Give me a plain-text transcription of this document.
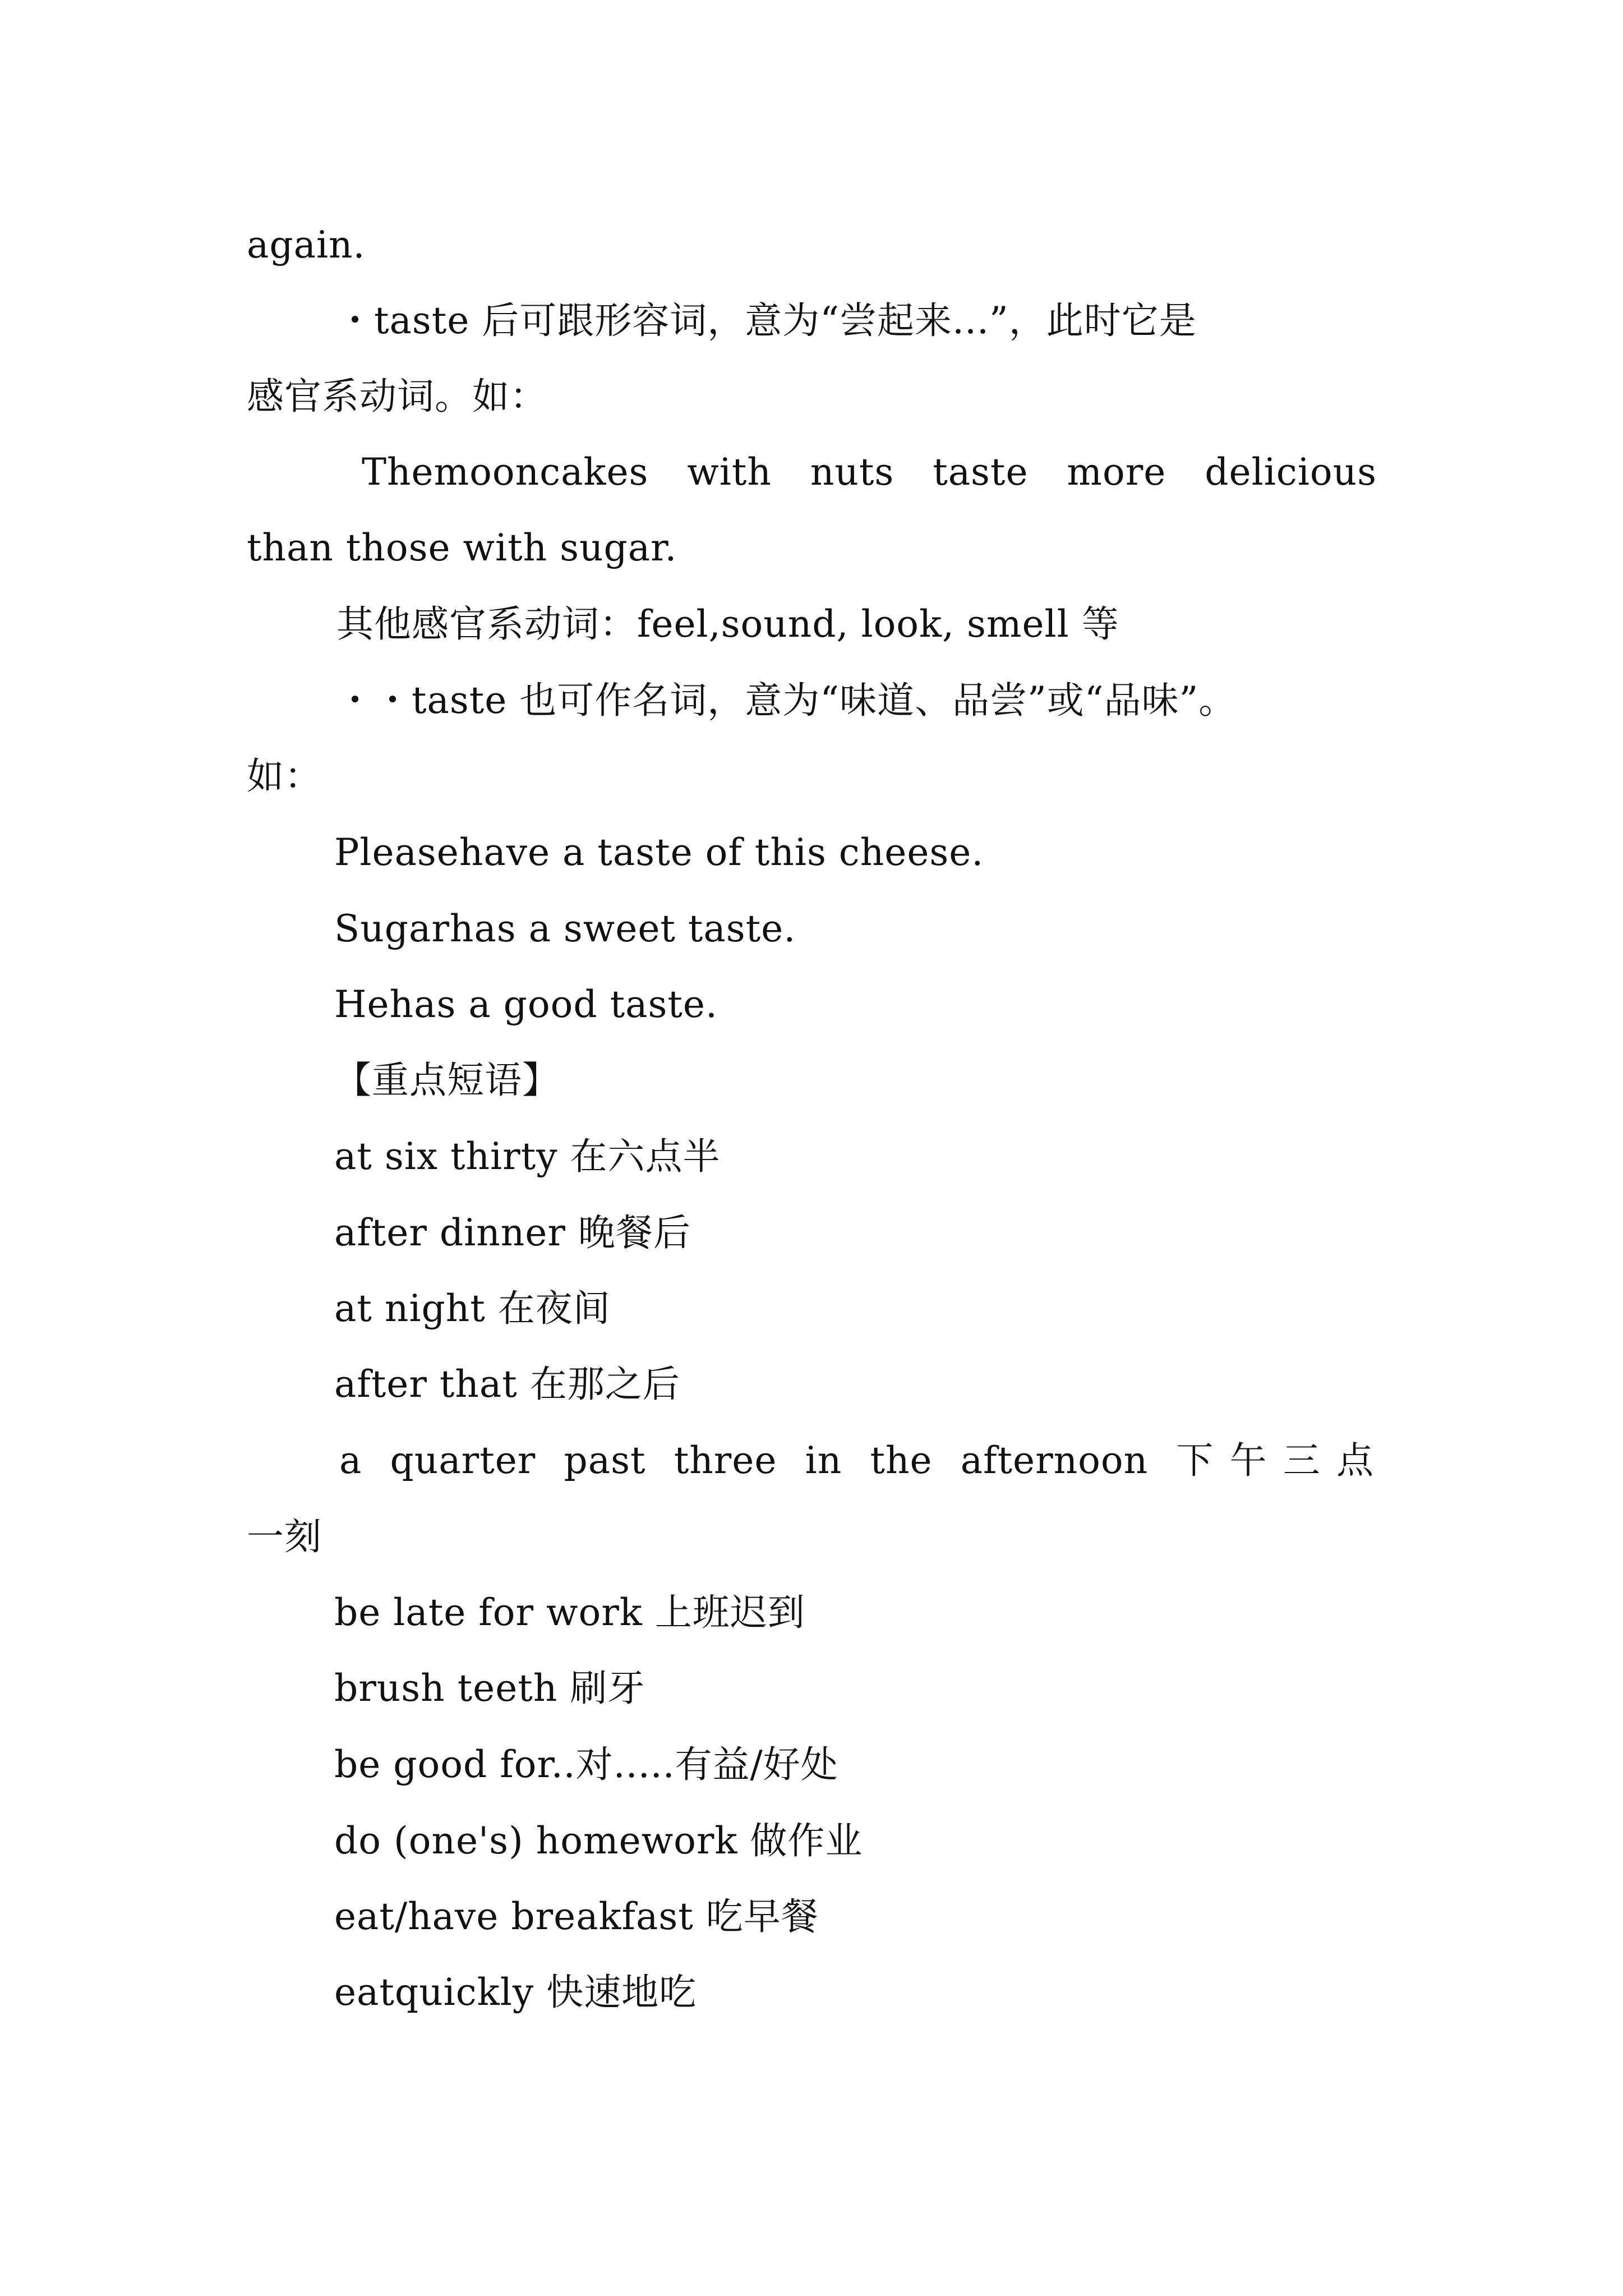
again.
・taste 后可跟形容词，意为“尝起来...”，此时它是
感官系动词。如：
Themooncakes with nuts taste more delicious
than those with sugar.
其他感官系动词：feel,sound, look, smell 等
・・taste 也可作名词，意为“味道、品尝”或“品味”。
如：
Pleasehave a taste of this cheese.
Sugarhas a sweet taste.
Hehas a good taste.
【重点短语】
at six thirty 在六点半
after dinner 晚餐后
at night 在夜间
after that 在那之后
a quarter past three in the afternoon 下午三点
一刻
be late for work 上班迟到
brush teeth 刷牙
be good for..对.....有益/好处
do (one's) homework 做作业
eat/have breakfast 吃早餐
eatquickly 快速地吃
